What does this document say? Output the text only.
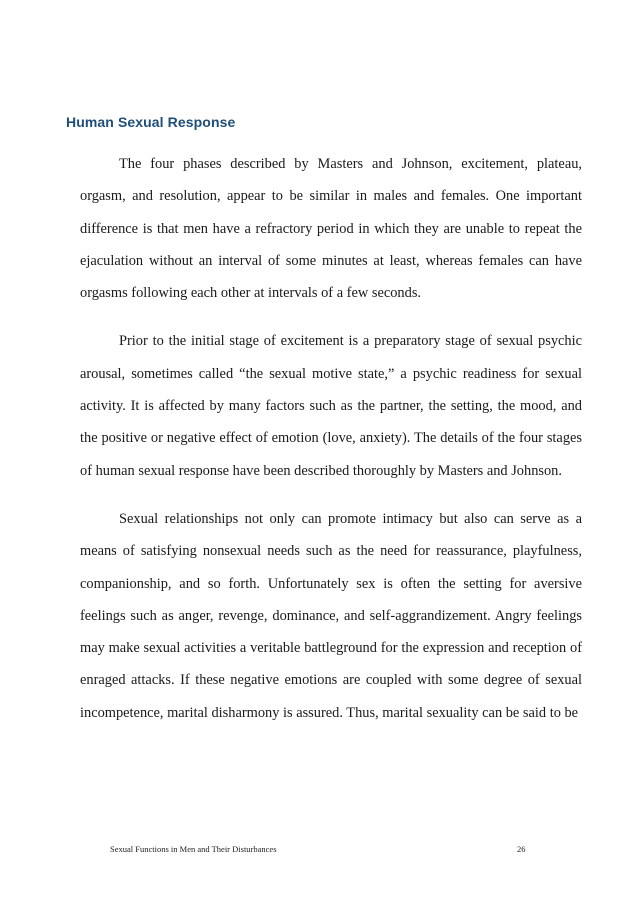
Human Sexual Response

The four phases described by Masters and Johnson, excitement, plateau, orgasm, and resolution, appear to be similar in males and females. One important difference is that men have a refractory period in which they are unable to repeat the ejaculation without an interval of some minutes at least, whereas females can have orgasms following each other at intervals of a few seconds.

Prior to the initial stage of excitement is a preparatory stage of sexual psychic arousal, sometimes called “the sexual motive state,” a psychic readiness for sexual activity. It is affected by many factors such as the partner, the setting, the mood, and the positive or negative effect of emotion (love, anxiety). The details of the four stages of human sexual response have been described thoroughly by Masters and Johnson.

Sexual relationships not only can promote intimacy but also can serve as a means of satisfying nonsexual needs such as the need for reassurance, playfulness, companionship, and so forth. Unfortunately sex is often the setting for aversive feelings such as anger, revenge, dominance, and self-aggrandizement. Angry feelings may make sexual activities a veritable battleground for the expression and reception of enraged attacks. If these negative emotions are coupled with some degree of sexual incompetence, marital disharmony is assured. Thus, marital sexuality can be said to be

Sexual Functions in Men and Their Disturbances	26
